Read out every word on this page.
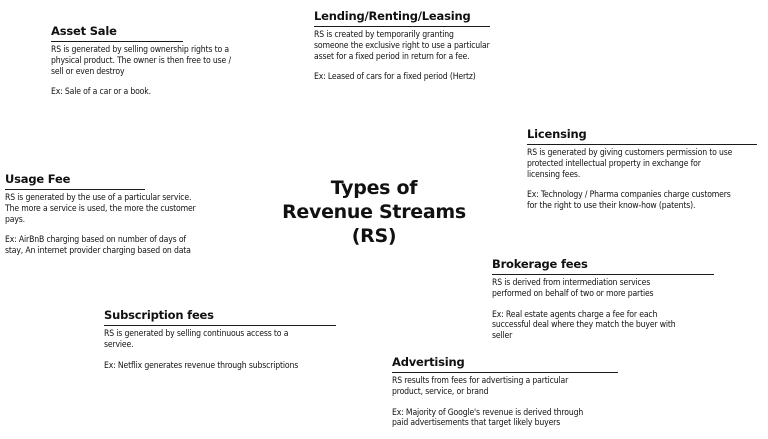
Types of
Revenue Streams (RS)
Asset Sale

RS is generated by selling ownership rights to a
physical product. The owner is then free to use /
sell or even destroy

Ex: Sale of a car or a book.

Lending/Renting/Leasing

RS is created by temporarily granting
someone the exclusive right to use a particular
asset for a fixed period in return for a fee.

Ex: Leased of cars for a fixed period (Hertz)

Licensing

RS is generated by giving customers permission to use
protected intellectual property in exchange for
licensing fees.

Ex: Technology / Pharma companies charge customers
for the right to use their know-how (patents).

Usage Fee

RS is generated by the use of a particular service.
The more a service is used, the more the customer
pays.

Ex: AirBnB charging based on number of days of
stay, An internet provider charging based on data

Brokerage fees

RS is derived from intermediation services
performed on behalf of two or more parties

Ex: Real estate agents charge a fee for each
successful deal where they match the buyer with
seller

Subscription fees

RS is generated by selling continuous access to a
serviee.

Ex: Netflix generates revenue through subscriptions	Advertising

RS results from fees for advertising a particular
product, service, or brand

Ex: Majority of Google's revenue is derived through
paid advertisements that target likely buyers
